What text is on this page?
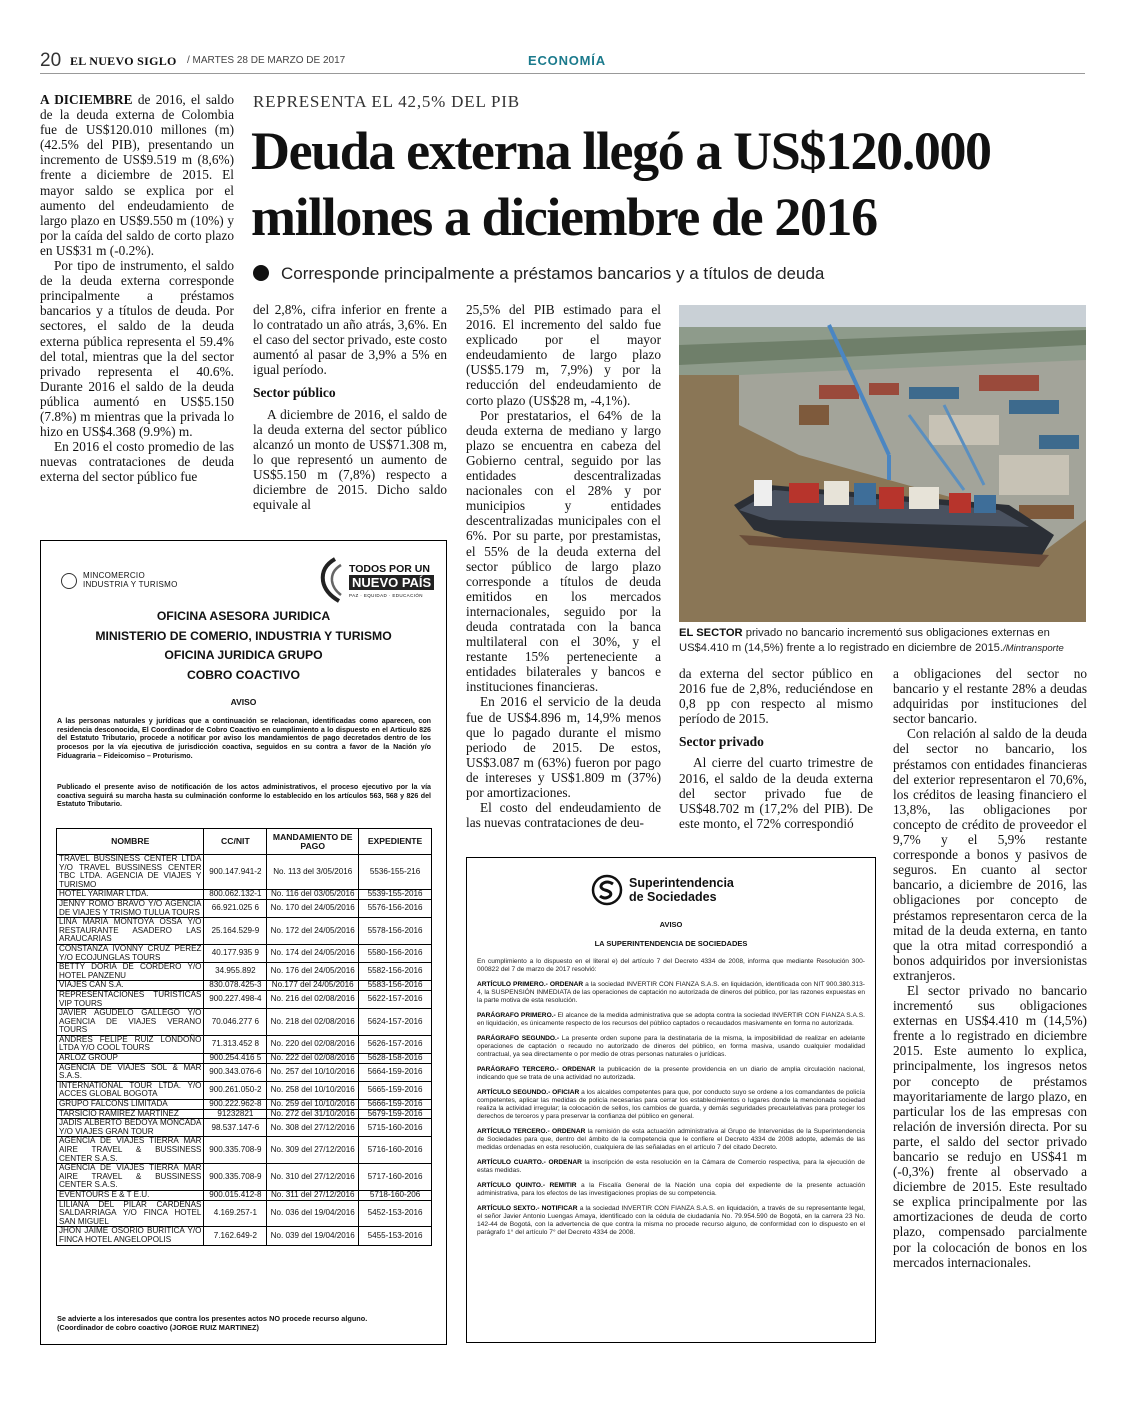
20 EL NUEVO SIGLO / MARTES 28 DE MARZO DE 2017	ECONOMÍA
REPRESENTA EL 42,5% DEL PIB
Deuda externa llegó a US$120.000
millones a diciembre de 2016
Corresponde principalmente a préstamos bancarios y a títulos de deuda

A DICIEMBRE de 2016, el saldo de la deuda externa de Colombia fue de US$120.010 millones (m) (42.5% del PIB), presentando un incremento de US$9.519 m (8,6%) frente a diciembre de 2015. El mayor saldo se explica por el aumento del endeudamiento de largo plazo en US$9.550 m (10%) y por la caída del saldo de corto plazo en US$31 m (-0.2%).

Por tipo de instrumento, el saldo de la deuda externa corresponde principalmente a préstamos bancarios y a títulos de deuda. Por sectores, el saldo de la deuda externa pública representa el 59.4% del total, mientras que la del sector privado representa el 40.6%. Durante 2016 el saldo de la deuda pública aumentó en US$5.150 (7.8%) m mientras que la privada lo hizo en US$4.368 (9.9%) m.

En 2016 el costo promedio de las nuevas contrataciones de deuda externa del sector público fue

del 2,8%, cifra inferior en frente a lo contratado un año atrás, 3,6%. En el caso del sector privado, este costo aumentó al pasar de 3,9% a 5% en igual período.

Sector público

A diciembre de 2016, el saldo de la deuda externa del sector público alcanzó un monto de US$71.308 m, lo que representó un aumento de US$5.150 m (7,8%) respecto a diciembre de 2015. Dicho saldo equivale al

25,5% del PIB estimado para el 2016. El incremento del saldo fue explicado por el mayor endeudamiento de largo plazo (US$5.179 m, 7,9%) y por la reducción del endeudamiento de corto plazo (US$28 m, -4,1%).

Por prestatarios, el 64% de la deuda externa de mediano y largo plazo se encuentra en cabeza del Gobierno central, seguido por las entidades descentralizadas nacionales con el 28% y por municipios y entidades descentralizadas municipales con el 6%. Por su parte, por prestamistas, el 55% de la deuda externa del sector público de largo plazo corresponde a títulos de deuda emitidos en los mercados internacionales, seguido por la deuda contratada con la banca multilateral con el 30%, y el restante 15% perteneciente a entidades bilaterales y bancos e instituciones financieras.

En 2016 el servicio de la deuda fue de US$4.896 m, 14,9% menos que lo pagado durante el mismo periodo de 2015. De estos, US$3.087 m (63%) fueron por pago de intereses y US$1.809 m (37%) por amortizaciones.

El costo del endeudamiento de las nuevas contrataciones de deu-

EL SECTOR privado no bancario incrementó sus obligaciones externas en US$4.410 m (14,5%) frente a lo registrado en diciembre de 2015./Mintransporte

da externa del sector público en 2016 fue de 2,8%, reduciéndose en 0,8 pp con respecto al mismo período de 2015.

Sector privado

Al cierre del cuarto trimestre de 2016, el saldo de la deuda externa del sector privado fue de US$48.702 m (17,2% del PIB). De este monto, el 72% correspondió

a obligaciones del sector no bancario y el restante 28% a deudas adquiridas por instituciones del sector bancario.

Con relación al saldo de la deuda del sector no bancario, los préstamos con entidades financieras del exterior representaron el 70,6%, los créditos de leasing financiero el 13,8%, las obligaciones por concepto de crédito de proveedor el 9,7% y el 5,9% restante corresponde a bonos y pasivos de seguros. En cuanto al sector bancario, a diciembre de 2016, las obligaciones por concepto de préstamos representaron cerca de la mitad de la deuda externa, en tanto que la otra mitad correspondió a bonos adquiridos por inversionistas extranjeros.

El sector privado no bancario incrementó sus obligaciones externas en US$4.410 m (14,5%) frente a lo registrado en diciembre 2015. Este aumento lo explica, principalmente, los ingresos netos por concepto de préstamos mayoritariamente de largo plazo, en particular los de las empresas con relación de inversión directa. Por su parte, el saldo del sector privado bancario se redujo en US$41 m (-0,3%) frente al observado a diciembre de 2015. Este resultado se explica principalmente por las amortizaciones de deuda de corto plazo, compensado parcialmente por la colocación de bonos en los mercados internacionales.

MINCOMERCIO
INDUSTRIA Y TURISMO
TODOS POR UN
NUEVO PAÍS
PAZ · EQUIDAD · EDUCACIÓN
OFICINA ASESORA JURIDICA
MINISTERIO DE COMERIO, INDUSTRIA Y TURISMO
OFICINA JURIDICA GRUPO
COBRO COACTIVO
AVISO
A las personas naturales y jurídicas que a continuación se relacionan, identificadas como aparecen, con residencia desconocida, El Coordinador de Cobro Coactivo en cumplimiento a lo dispuesto en el Articulo 826 del Estatuto Tributario, procede a notificar por aviso los mandamientos de pago decretados dentro de los procesos por la vía ejecutiva de jurisdicción coactiva, seguidos en su contra a favor de la Nación y/o Fiduagraria – Fideicomiso – Proturismo.
Publicado el presente aviso de notificación de los actos administrativos, el proceso ejecutivo por la vía coactiva seguirá su marcha hasta su culminación conforme lo establecido en los artículos 563, 568 y 826 del Estatuto Tributario.
NOMBRE	CC/NIT	MANDAMIENTO DE PAGO	EXPEDIENTE
TRAVEL BUSSINESS CENTER LTDA Y/O TRAVEL BUSSINESS CENTER TBC LTDA. AGENCIA DE VIAJES Y TURISMO	900.147.941-2	No. 113 del 3/05/2016	5536-155-216
HOTEL YARIMAR LTDA.	800.062.132-1	No. 116 del 03/05/2016	5539-155-2016
JENNY ROMO BRAVO Y/O AGENCIA DE VIAJES Y TRISMO TULUA TOURS	66.921.025 6	No. 170 del 24/05/2016	5576-156-2016
LINA MARIA MONTOYA OSSA Y/O RESTAURANTE ASADERO LAS ARAUCARIAS	25.164.529-9	No. 172 del 24/05/2016	5578-156-2016
CONSTANZA IVONNY CRUZ PEREZ Y/O ECOJUNGLAS TOURS	40.177.935 9	No. 174 del 24/05/2016	5580-156-2016
BETTY DORIA DE CORDERO Y/O HOTEL PANZENU	34.955.892	No. 176 del 24/05/2016	5582-156-2016
VIAJES CAN S.A.	830.078.425-3	No.177 del 24/05/2016	5583-156-2016
REPRESENTACIONES TURISTICAS VIP TOURS	900.227.498-4	No. 216 del 02/08/2016	5622-157-2016
JAVIER AGUDELO GALLEGO Y/O AGENCIA DE VIAJES VERANO TOURS	70.046.277 6	No. 218 del 02/08/2016	5624-157-2016
ANDRES FELIPE RUIZ LONDOÑO LTDA Y/O COOL TOURS	71.313.452 8	No. 220 del 02/08/2016	5626-157-2016
ARLOZ GROUP	900.254.416 5	No. 222 del 02/08/2016	5628-158-2016
AGENCIA DE VIAJES SOL & MAR S.A.S.	900.343.076-6	No. 257 del 10/10/2016	5664-159-2016
INTERNATIONAL TOUR LTDA. Y/O ACCES GLOBAL BOGOTA	900.261.050-2	No. 258 del 10/10/2016	5665-159-2016
GRUPO FALCONS LIMITADA	900.222.962-8	No. 259 del 10/10/2016	5666-159-2016
TARSICIO RAMIREZ MARTINEZ	91232821	No. 272 del 31/10/2016	5679-159-2016
JADIS ALBERTO BEDOYA MONCADA Y/O VIAJES GRAN TOUR	98.537.147-6	No. 308 del 27/12/2016	5715-160-2016
AGENCIA DE VIAJES TIERRA MAR AIRE TRAVEL & BUSSINESS CENTER S.A.S.	900.335.708-9	No. 309 del 27/12/2016	5716-160-2016
AGENCIA DE VIAJES TIERRA MAR AIRE TRAVEL & BUSSINESS CENTER S.A.S.	900.335.708-9	No. 310 del 27/12/2016	5717-160-2016
EVENTOURS E & T E.U.	900.015.412-8	No. 311 del 27/12/2016	5718-160-206
LILIANA DEL PILAR CARDENAS SALDARRIAGA Y/O FINCA HOTEL SAN MIGUEL	4.169.257-1	No. 036 del 19/04/2016	5452-153-2016
JHON JAIME OSORIO BURITICA Y/O FINCA HOTEL ANGELOPOLIS	7.162.649-2	No. 039 del 19/04/2016	5455-153-2016
Se advierte a los interesados que contra los presentes actos NO procede recurso alguno.
(Coordinador de cobro coactivo (JORGE RUIZ MARTINEZ)
Superintendencia
de Sociedades
AVISO
LA SUPERINTENDENCIA DE SOCIEDADES

En cumplimiento a lo dispuesto en el literal e) del artículo 7 del Decreto 4334 de 2008, informa que mediante Resolución 300-000822 del 7 de marzo de 2017 resolvió:

ARTÍCULO PRIMERO.- ORDENAR a la sociedad INVERTIR CON FIANZA S.A.S. en liquidación, identificada con NIT 900.380.313-4, la SUSPENSIÓN INMEDIATA de las operaciones de captación no autorizada de dineros del público, por las razones expuestas en la parte motiva de esta resolución.

PARÁGRAFO PRIMERO.- El alcance de la medida administrativa que se adopta contra la sociedad INVERTIR CON FIANZA S.A.S. en liquidación, es únicamente respecto de los recursos del público captados o recaudados masivamente en forma no autorizada.

PARÁGRAFO SEGUNDO.- La presente orden supone para la destinataria de la misma, la imposibilidad de realizar en adelante operaciones de captación o recaudo no autorizado de dineros del público, en forma masiva, usando cualquier modalidad contractual, ya sea directamente o por medio de otras personas naturales o jurídicas.

PARÁGRAFO TERCERO.- ORDENAR la publicación de la presente providencia en un diario de amplia circulación nacional, indicando que se trata de una actividad no autorizada.

ARTÍCULO SEGUNDO.- OFICIAR a los alcaldes competentes para que, por conducto suyo se ordene a los comandantes de policía competentes, aplicar las medidas de policía necesarias para cerrar los establecimientos o lugares donde la mencionada sociedad realiza la actividad irregular; la colocación de sellos, los cambios de guarda, y demás seguridades precautelativas para proteger los derechos de terceros y para preservar la confianza del público en general.

ARTÍCULO TERCERO.- ORDENAR la remisión de esta actuación administrativa al Grupo de Intervenidas de la Superintendencia de Sociedades para que, dentro del ámbito de la competencia que le confiere el Decreto 4334 de 2008 adopte, además de las medidas ordenadas en esta resolución, cualquiera de las señaladas en el artículo 7 del citado Decreto.

ARTÍCULO CUARTO.- ORDENAR la inscripción de esta resolución en la Cámara de Comercio respectiva, para la ejecución de estas medidas.

ARTÍCULO QUINTO.- REMITIR a la Fiscalía General de la Nación una copia del expediente de la presente actuación administrativa, para los efectos de las investigaciones propias de su competencia.

ARTÍCULO SEXTO.- NOTIFICAR a la sociedad INVERTIR CON FIANZA S.A.S. en liquidación, a través de su representante legal, el señor Javier Antonio Luengas Amaya, identificado con la cédula de ciudadanía No. 79.954.590 de Bogotá, en la carrera 23 No. 142-44 de Bogotá, con la advertencia de que contra la misma no procede recurso alguno, de conformidad con lo dispuesto en el parágrafo 1° del artículo 7° del Decreto 4334 de 2008.
